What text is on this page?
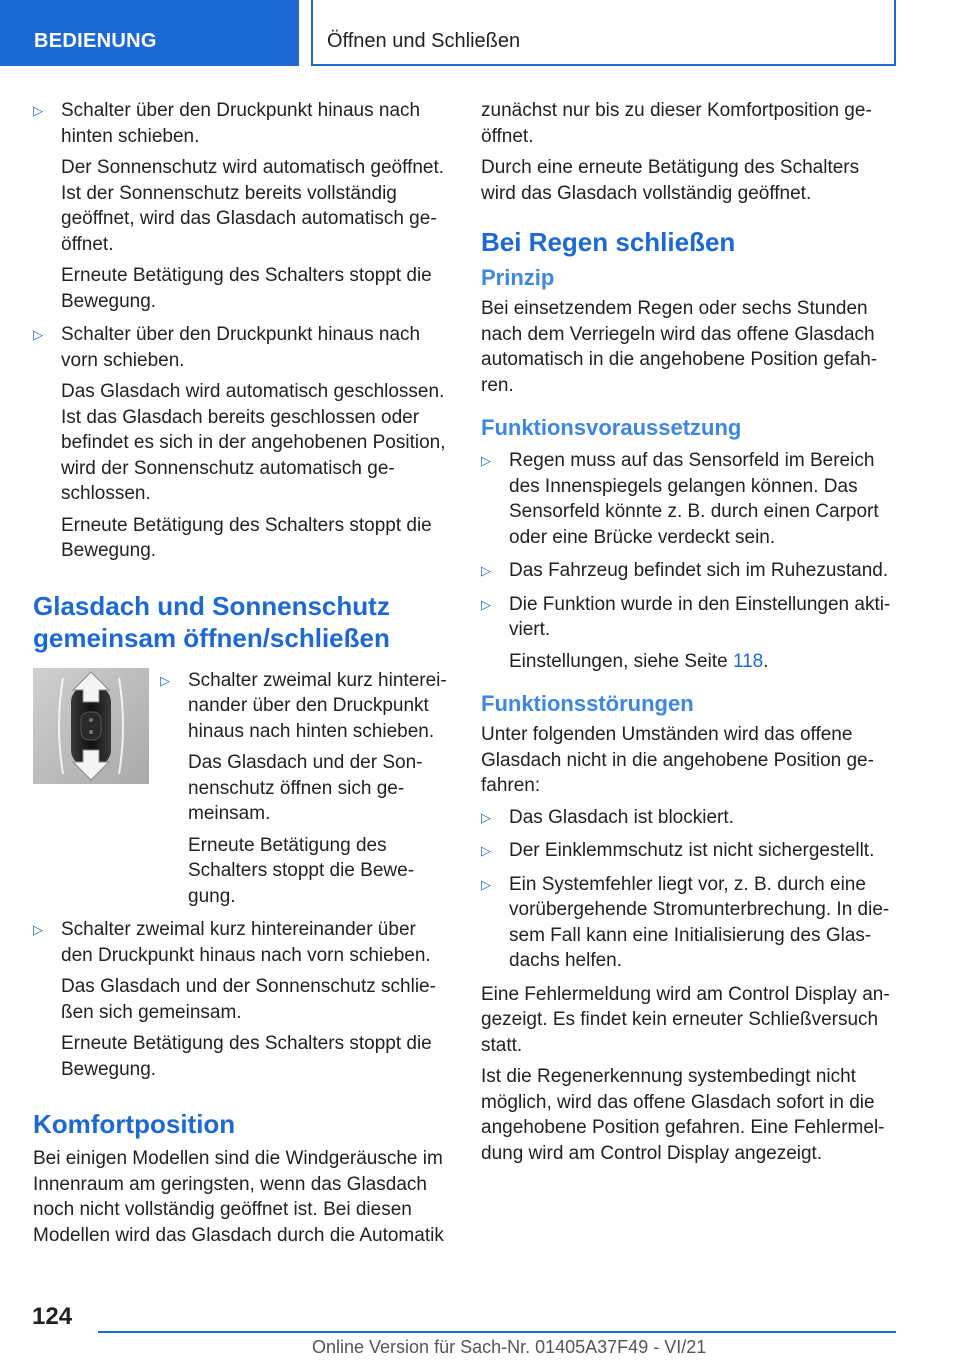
BEDIENUNG	Öffnen und Schließen
▷ Schalter über den Druckpunkt hinaus nach hinten schieben.

Der Sonnenschutz wird automatisch geöffnet. Ist der Sonnenschutz bereits vollständig geöffnet, wird das Glasdach automatisch geöffnet.

Erneute Betätigung des Schalters stoppt die Bewegung.

▷ Schalter über den Druckpunkt hinaus nach vorn schieben.

Das Glasdach wird automatisch geschlossen. Ist das Glasdach bereits geschlossen oder befindet es sich in der angehobenen Position, wird der Sonnenschutz automatisch geschlossen.

Erneute Betätigung des Schalters stoppt die Bewegung.

Glasdach und Sonnenschutz gemeinsam öffnen/schließen
▷ Schalter zweimal kurz hintereinander über den Druckpunkt hinaus nach hinten schieben.

Das Glasdach und der Sonnenschutz öffnen sich gemeinsam.

Erneute Betätigung des Schalters stoppt die Bewegung.

▷ Schalter zweimal kurz hintereinander über den Druckpunkt hinaus nach vorn schieben.

Das Glasdach und der Sonnenschutz schließen sich gemeinsam.

Erneute Betätigung des Schalters stoppt die Bewegung.

Komfortposition

Bei einigen Modellen sind die Windgeräusche im Innenraum am geringsten, wenn das Glasdach noch nicht vollständig geöffnet ist. Bei diesen Modellen wird das Glasdach durch die Automatik

zunächst nur bis zu dieser Komfortposition geöffnet.

Durch eine erneute Betätigung des Schalters wird das Glasdach vollständig geöffnet.

Bei Regen schließen
Prinzip

Bei einsetzendem Regen oder sechs Stunden nach dem Verriegeln wird das offene Glasdach automatisch in die angehobene Position gefahren.

Funktionsvoraussetzung
▷ Regen muss auf das Sensorfeld im Bereich des Innenspiegels gelangen können. Das Sensorfeld könnte z. B. durch einen Carport oder eine Brücke verdeckt sein.

▷ Das Fahrzeug befindet sich im Ruhezustand.

▷ Die Funktion wurde in den Einstellungen aktiviert.

Einstellungen, siehe Seite 118.

Funktionsstörungen

Unter folgenden Umständen wird das offene Glasdach nicht in die angehobene Position gefahren:

▷ Das Glasdach ist blockiert.

▷ Der Einklemmschutz ist nicht sichergestellt.

▷ Ein Systemfehler liegt vor, z. B. durch eine vorübergehende Stromunterbrechung. In diesem Fall kann eine Initialisierung des Glasdachs helfen.

Eine Fehlermeldung wird am Control Display angezeigt. Es findet kein erneuter Schließversuch statt.

Ist die Regenerkennung systembedingt nicht möglich, wird das offene Glasdach sofort in die angehobene Position gefahren. Eine Fehlermeldung wird am Control Display angezeigt.

124
Online Version für Sach-Nr. 01405A37F49 - VI/21
